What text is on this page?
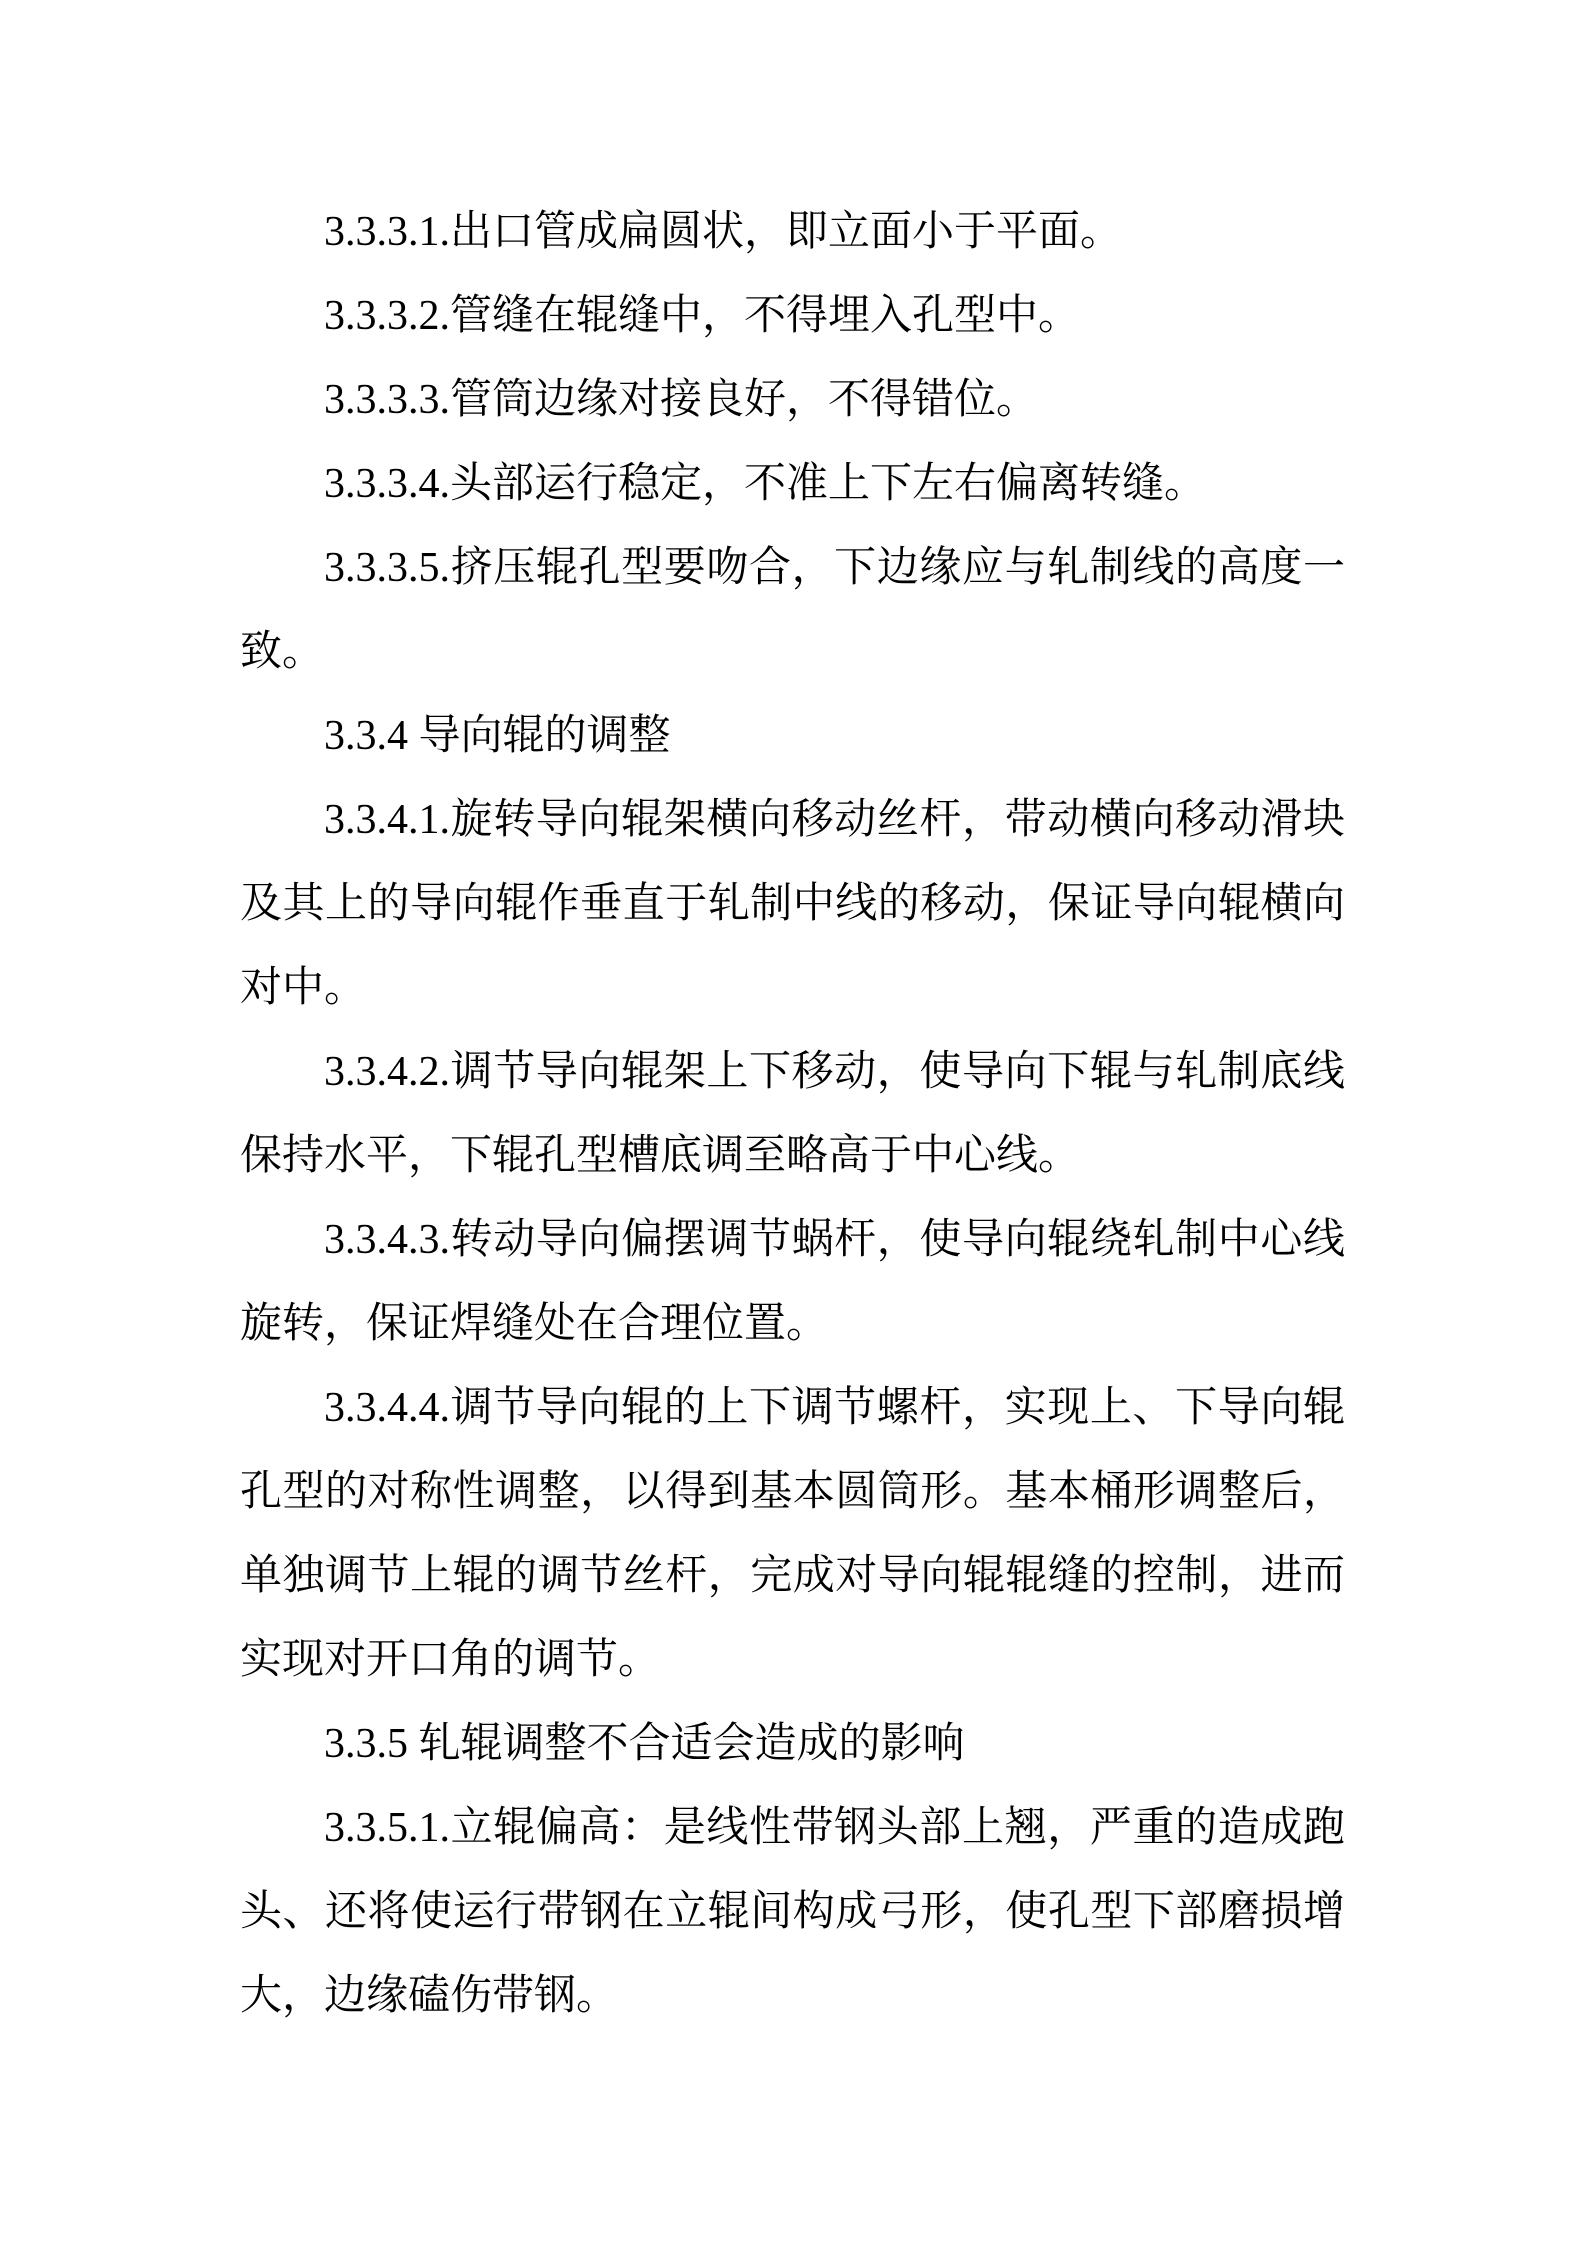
3.3.3.1.出口管成扁圆状，即立面小于平面。

3.3.3.2.管缝在辊缝中，不得埋入孔型中。

3.3.3.3.管筒边缘对接良好，不得错位。

3.3.3.4.头部运行稳定，不准上下左右偏离转缝。

3.3.3.5.挤压辊孔型要吻合，下边缘应与轧制线的高度一致。

3.3.4 导向辊的调整

3.3.4.1.旋转导向辊架横向移动丝杆，带动横向移动滑块及其上的导向辊作垂直于轧制中线的移动，保证导向辊横向对中。

3.3.4.2.调节导向辊架上下移动，使导向下辊与轧制底线保持水平，下辊孔型槽底调至略高于中心线。

3.3.4.3.转动导向偏摆调节蜗杆，使导向辊绕轧制中心线旋转，保证焊缝处在合理位置。

3.3.4.4.调节导向辊的上下调节螺杆，实现上、下导向辊孔型的对称性调整，以得到基本圆筒形。基本桶形调整后，单独调节上辊的调节丝杆，完成对导向辊辊缝的控制，进而实现对开口角的调节。

3.3.5 轧辊调整不合适会造成的影响

3.3.5.1.立辊偏高：是线性带钢头部上翘，严重的造成跑头、还将使运行带钢在立辊间构成弓形，使孔型下部磨损增大，边缘磕伤带钢。
